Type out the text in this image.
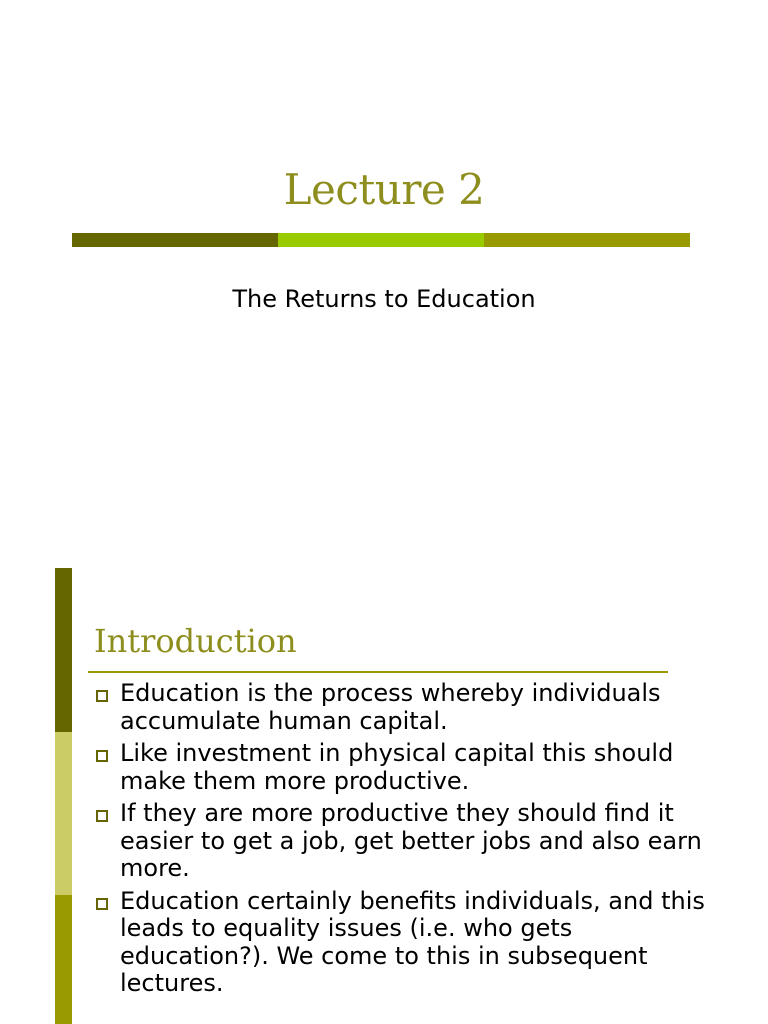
Lecture 2
The Returns to Education
Introduction
Education is the process whereby individuals accumulate human capital.
Like investment in physical capital this should make them more productive.
If they are more productive they should find it easier to get a job, get better jobs and also earn more.
Education certainly benefits individuals, and this leads to equality issues (i.e. who gets education?). We come to this in subsequent lectures.
